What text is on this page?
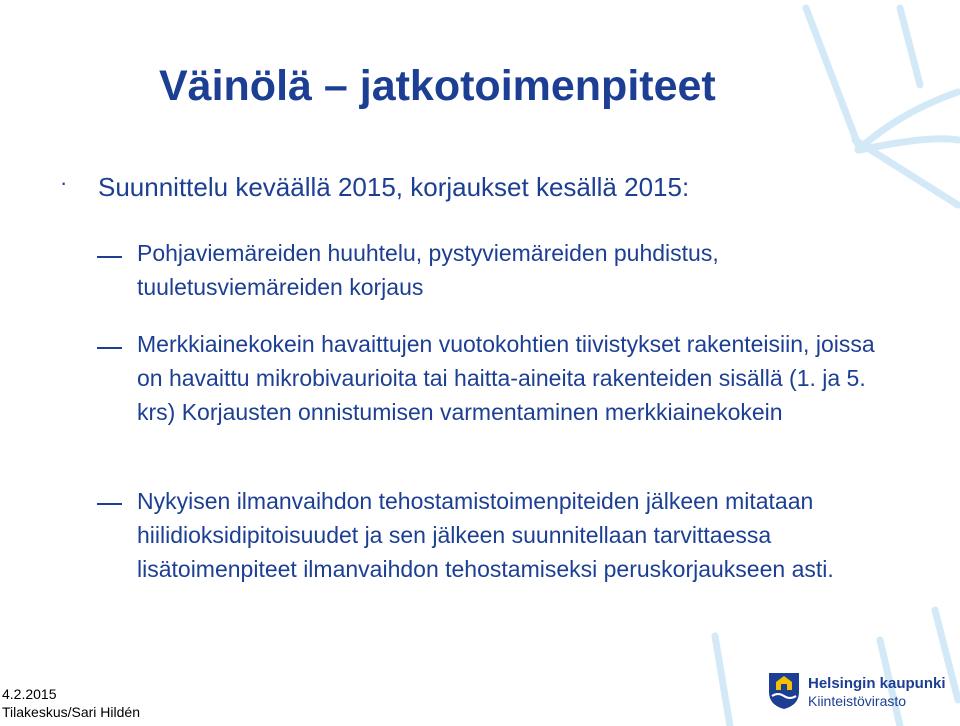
Väinölä – jatkotoimenpiteet
· Suunnittelu keväällä 2015, korjaukset kesällä 2015:

Pohjaviemäreiden huuhtelu, pystyviemäreiden puhdistus, tuuletusviemäreiden korjaus

Merkkiainekokein havaittujen vuotokohtien tiivistykset rakenteisiin, joissa on havaittu mikrobivaurioita tai haitta-aineita rakenteiden sisällä (1. ja 5. krs) Korjausten onnistumisen varmentaminen merkkiainekokein

Nykyisen ilmanvaihdon tehostamistoimenpiteiden jälkeen mitataan hiilidioksidipitoisuudet ja sen jälkeen suunnitellaan tarvittaessa lisätoimenpiteet ilmanvaihdon tehostamiseksi peruskorjaukseen asti.

4.2.2015
Tilakeskus/Sari Hildén
Helsingin kaupunki
Kiinteistövirasto
